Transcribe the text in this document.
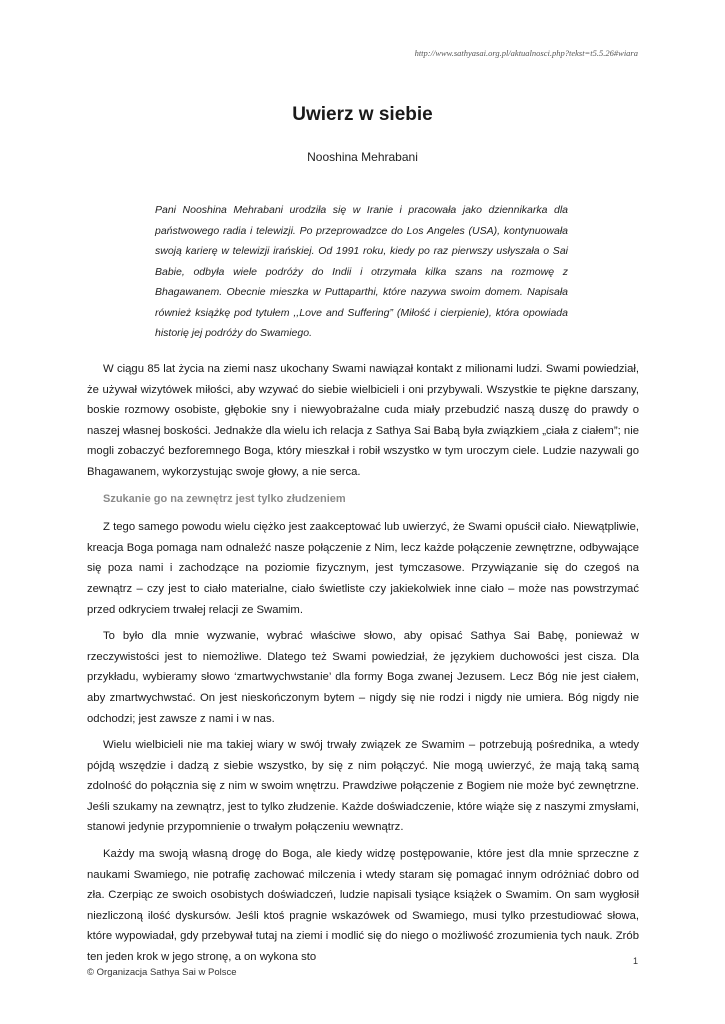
http://www.sathyasai.org.pl/aktualnosci.php?tekst=t5.5.26#wiara
Uwierz w siebie
Nooshina Mehrabani
Pani Nooshina Mehrabani urodziła się w Iranie i pracowała jako dziennikarka dla państwowego radia i telewizji. Po przeprowadzce do Los Angeles (USA), kontynuowała swoją karierę w telewizji irańskiej. Od 1991 roku, kiedy po raz pierwszy usłyszała o Sai Babie, odbyła wiele podróży do Indii i otrzymała kilka szans na rozmowę z Bhagawanem. Obecnie mieszka w Puttaparthi, które nazywa swoim domem. Napisała również książkę pod tytułem ,,Love and Suffering” (Miłość i cierpienie), która opowiada historię jej podróży do Swamiego.

W ciągu 85 lat życia na ziemi nasz ukochany Swami nawiązał kontakt z milionami ludzi. Swami powiedział, że używał wizytówek miłości, aby wzywać do siebie wielbicieli i oni przybywali. Wszystkie te piękne darszany, boskie rozmowy osobiste, głębokie sny i niewyobrażalne cuda miały przebudzić naszą duszę do prawdy o naszej własnej boskości. Jednakże dla wielu ich relacja z Sathya Sai Babą była związkiem „ciała z ciałem”; nie mogli zobaczyć bezforemnego Boga, który mieszkał i robił wszystko w tym uroczym ciele. Ludzie nazywali go Bhagawanem, wykorzystując swoje głowy, a nie serca.

Szukanie go na zewnętrz jest tylko złudzeniem

Z tego samego powodu wielu ciężko jest zaakceptować lub uwierzyć, że Swami opuścił ciało. Niewątpliwie, kreacja Boga pomaga nam odnaleźć nasze połączenie z Nim, lecz każde połączenie zewnętrzne, odbywające się poza nami i zachodzące na poziomie fizycznym, jest tymczasowe. Przywiązanie się do czegoś na zewnątrz – czy jest to ciało materialne, ciało świetliste czy jakiekolwiek inne ciało – może nas powstrzymać przed odkryciem trwałej relacji ze Swamim.

To było dla mnie wyzwanie, wybrać właściwe słowo, aby opisać Sathya Sai Babę, ponieważ w rzeczywistości jest to niemożliwe. Dlatego też Swami powiedział, że językiem duchowości jest cisza. Dla przykładu, wybieramy słowo ‘zmartwychwstanie’ dla formy Boga zwanej Jezusem. Lecz Bóg nie jest ciałem, aby zmartwychwstać. On jest nieskończonym bytem – nigdy się nie rodzi i nigdy nie umiera. Bóg nigdy nie odchodzi; jest zawsze z nami i w nas.

Wielu wielbicieli nie ma takiej wiary w swój trwały związek ze Swamim – potrzebują pośrednika, a wtedy pójdą wszędzie i dadzą z siebie wszystko, by się z nim połączyć. Nie mogą uwierzyć, że mają taką samą zdolność do połącznia się z nim w swoim wnętrzu. Prawdziwe połączenie z Bogiem nie może być zewnętrzne. Jeśli szukamy na zewnątrz, jest to tylko złudzenie. Każde doświadczenie, które wiąże się z naszymi zmysłami, stanowi jedynie przypomnienie o trwałym połączeniu wewnątrz.

Każdy ma swoją własną drogę do Boga, ale kiedy widzę postępowanie, które jest dla mnie sprzeczne z naukami Swamiego, nie potrafię zachować milczenia i wtedy staram się pomagać innym odróżniać dobro od zła. Czerpiąc ze swoich osobistych doświadczeń, ludzie napisali tysiące książek o Swamim. On sam wygłosił niezliczoną ilość dyskursów. Jeśli ktoś pragnie wskazówek od Swamiego, musi tylko przestudiować słowa, które wypowiadał, gdy przebywał tutaj na ziemi i modlić się do niego o możliwość zrozumienia tych nauk. Zrób ten jeden krok w jego stronę, a on wykona sto	1
© Organizacja Sathya Sai w Polsce
